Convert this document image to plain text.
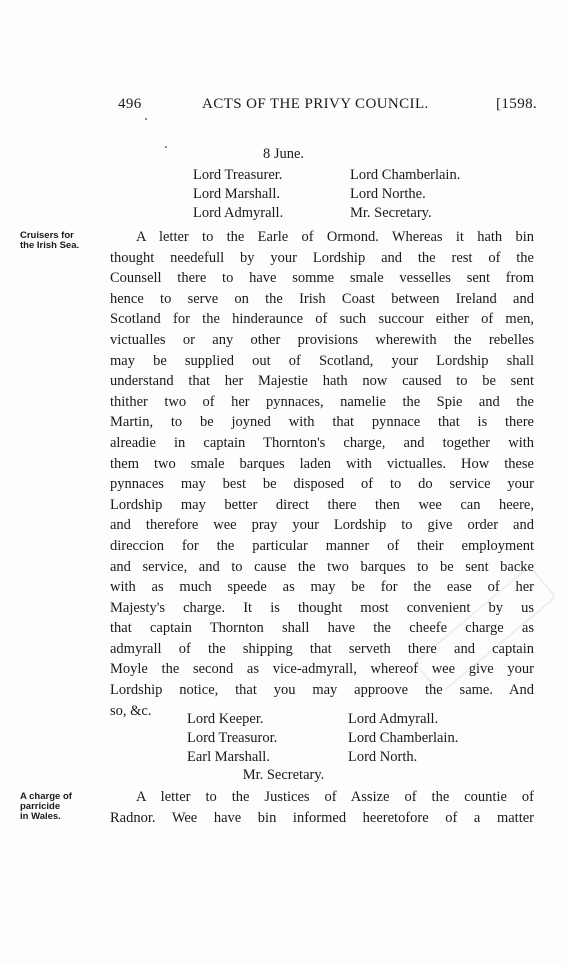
496	ACTS OF THE PRIVY COUNCIL.	[1598.
8 June.
Lord Treasurer.
Lord Marshall.
Lord Admyrall.
Lord Chamberlain.
Lord Northe.
Mr. Secretary.
Cruisers for
the Irish Sea.
A letter to the Earle of Ormond. Whereas it hath bin
thought needefull by your Lordship and the rest of the
Counsell there to have somme smale vesselles sent from
hence to serve on the Irish Coast between Ireland and
Scotland for the hinderaunce of such succour either of men,
victualles or any other provisions wherewith the rebelles
may be supplied out of Scotland, your Lordship shall
understand that her Majestie hath now caused to be sent
thither two of her pynnaces, namelie the Spie and the
Martin, to be joyned with that pynnace that is there
alreadie in captain Thornton's charge, and together with
them two smale barques laden with victualles. How these
pynnaces may best be disposed of to do service your
Lordship may better direct there then wee can heere,
and therefore wee pray your Lordship to give order and
direccion for the particular manner of their employment
and service, and to cause the two barques to be sent backe
with as much speede as may be for the ease of her
Majesty's charge. It is thought most convenient by us
that captain Thornton shall have the cheefe charge as
admyrall of the shipping that serveth there and captain
Moyle the second as vice-admyrall, whereof wee give your
Lordship notice, that you may approove the same. And
so, &c.
Lord Keeper.
Lord Treasuror.
Earl Marshall.
Lord Admyrall.
Lord Chamberlain.
Lord North.
Mr. Secretary.
A charge of
parricide
in Wales.
A letter to the Justices of Assize of the countie of
Radnor. Wee have bin informed heeretofore of a matter
